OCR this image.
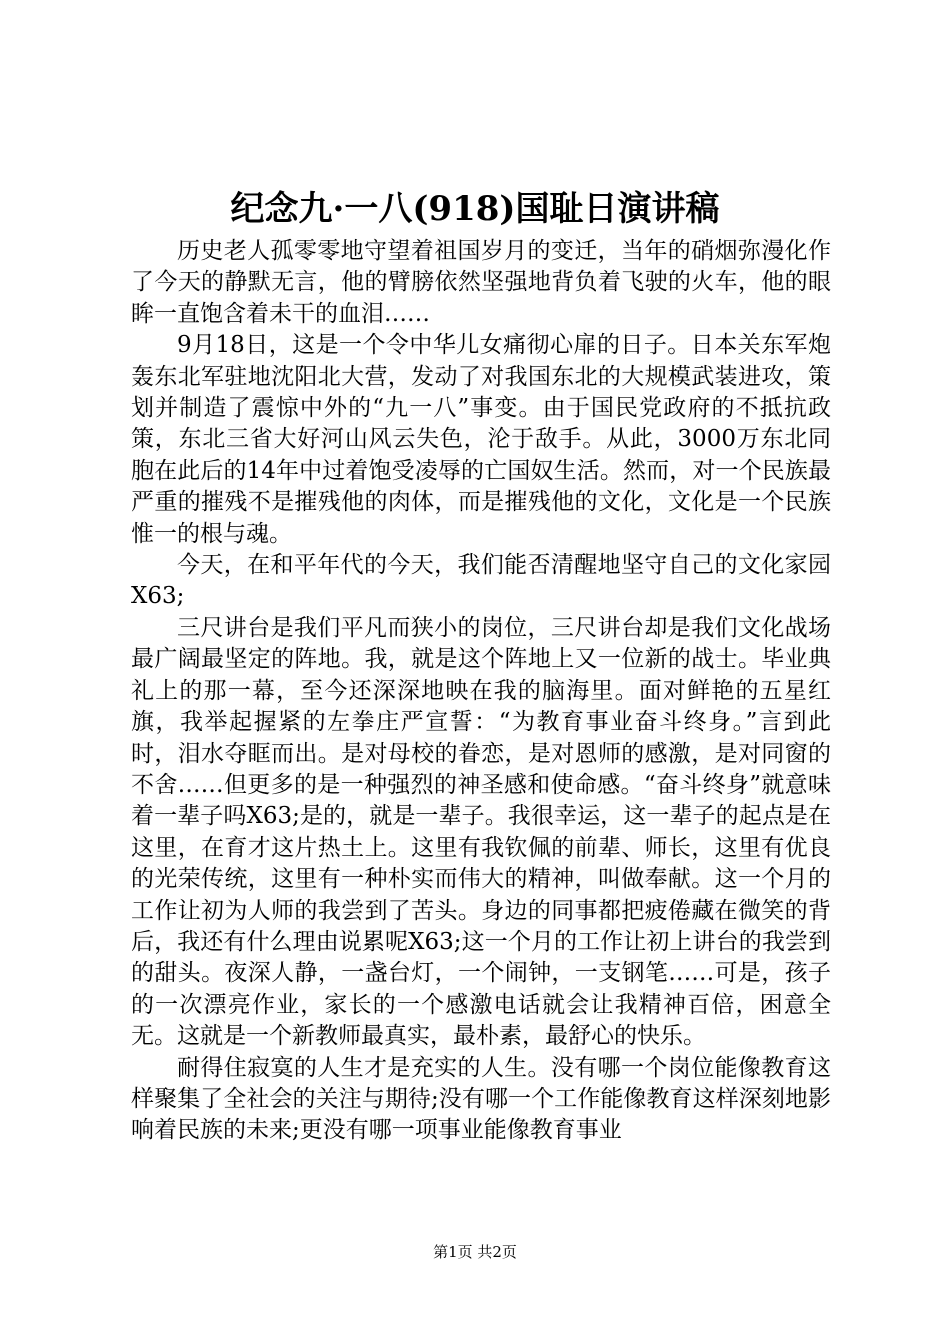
纪念九·一八(918)国耻日演讲稿

历史老人孤零零地守望着祖国岁月的变迁，当年的硝烟弥漫化作了今天的静默无言，他的臂膀依然坚强地背负着飞驶的火车，他的眼眸一直饱含着未干的血泪……

9月18日，这是一个令中华儿女痛彻心扉的日子。日本关东军炮轰东北军驻地沈阳北大营，发动了对我国东北的大规模武装进攻，策划并制造了震惊中外的“九一八”事变。由于国民党政府的不抵抗政策，东北三省大好河山风云失色，沦于敌手。从此，3000万东北同胞在此后的14年中过着饱受凌辱的亡国奴生活。然而，对一个民族最严重的摧残不是摧残他的肉体，而是摧残他的文化，文化是一个民族惟一的根与魂。

今天，在和平年代的今天，我们能否清醒地坚守自己的文化家园X63;

三尺讲台是我们平凡而狭小的岗位，三尺讲台却是我们文化战场最广阔最坚定的阵地。我，就是这个阵地上又一位新的战士。毕业典礼上的那一幕，至今还深深地映在我的脑海里。面对鲜艳的五星红旗，我举起握紧的左拳庄严宣誓：“为教育事业奋斗终身。”言到此时，泪水夺眶而出。是对母校的眷恋，是对恩师的感激，是对同窗的不舍……但更多的是一种强烈的神圣感和使命感。“奋斗终身”就意味着一辈子吗X63;是的，就是一辈子。我很幸运，这一辈子的起点是在这里，在育才这片热土上。这里有我钦佩的前辈、师长，这里有优良的光荣传统，这里有一种朴实而伟大的精神，叫做奉献。这一个月的工作让初为人师的我尝到了苦头。身边的同事都把疲倦藏在微笑的背后，我还有什么理由说累呢X63;这一个月的工作让初上讲台的我尝到的甜头。夜深人静，一盏台灯，一个闹钟，一支钢笔……可是，孩子的一次漂亮作业，家长的一个感激电话就会让我精神百倍，困意全无。这就是一个新教师最真实，最朴素，最舒心的快乐。

耐得住寂寞的人生才是充实的人生。没有哪一个岗位能像教育这样聚集了全社会的关注与期待;没有哪一个工作能像教育这样深刻地影响着民族的未来;更没有哪一项事业能像教育事业

第1页 共2页
